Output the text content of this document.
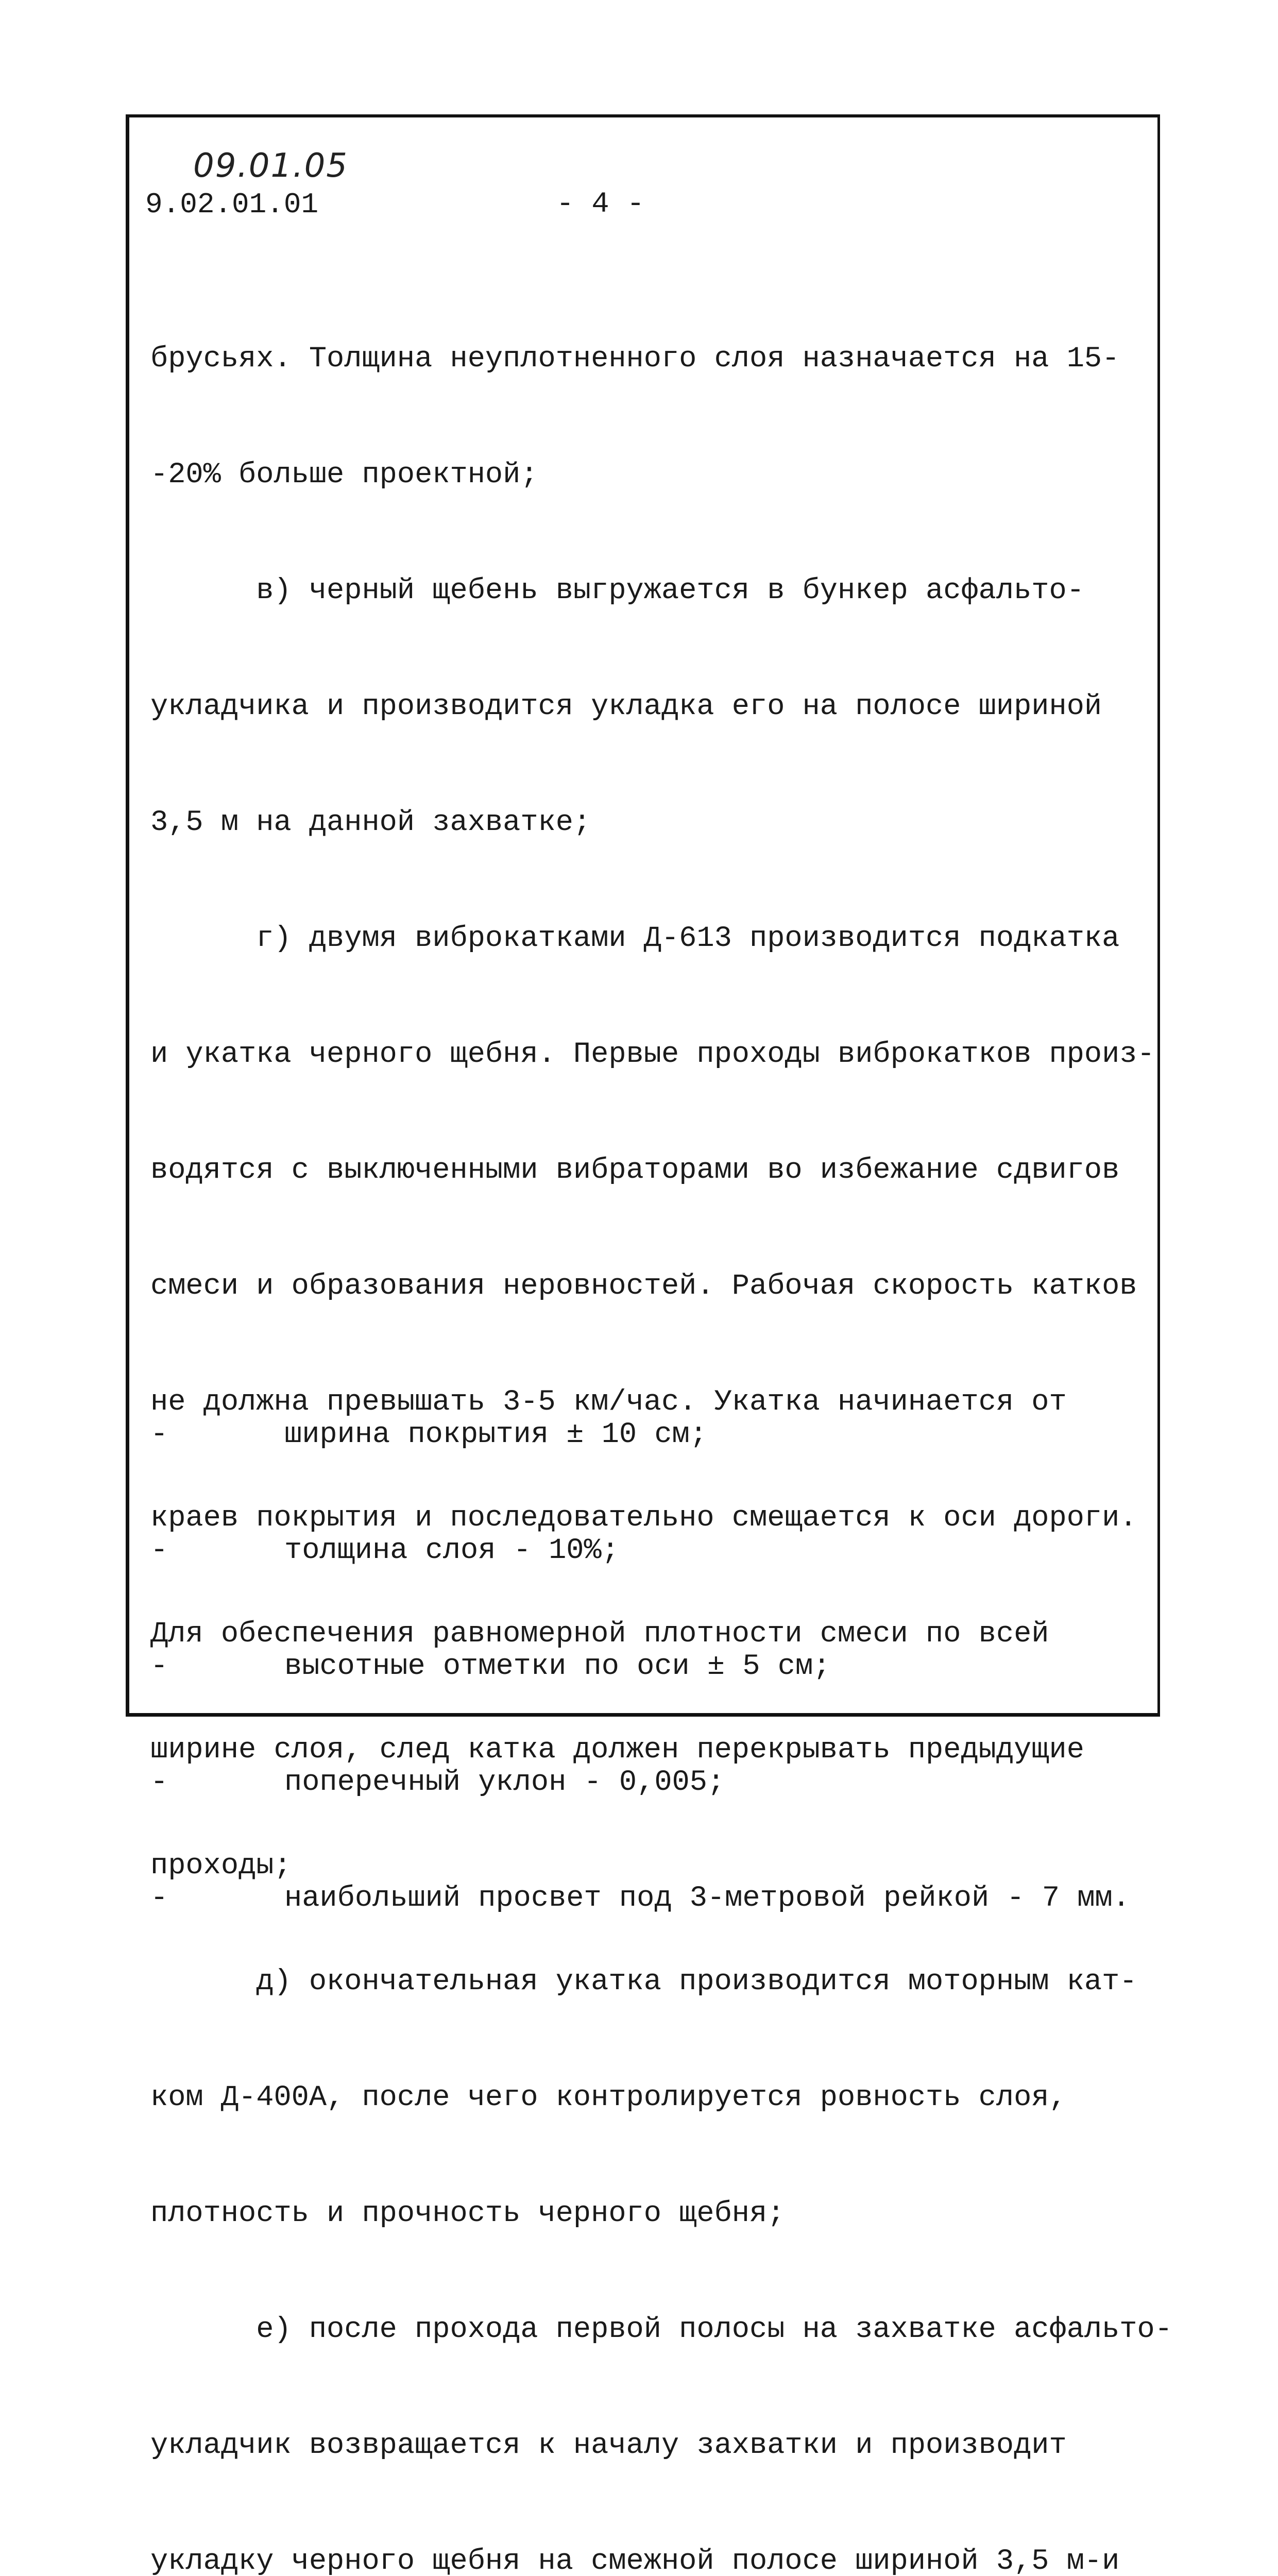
09.01.05
9.02.01.01	- 4 -

брусьях. Толщина неуплотненного слоя назначается на 15-

-20% больше проектной;

в) черный щебень выгружается в бункер асфальто-

укладчика и производится укладка его на полосе шириной

3,5 м на данной захватке;

г) двумя виброкатками Д-613 производится подкатка

и укатка черного щебня. Первые проходы виброкатков произ-

водятся с выключенными вибраторами во избежание сдвигов

смеси и образования неровностей. Рабочая скорость катков

не должна превышать 3-5 км/час. Укатка начинается от

краев покрытия и последовательно смещается к оси дороги.

Для обеспечения равномерной плотности смеси по всей

ширине слоя, след катка должен перекрывать предыдущие

проходы;

д) окончательная укатка производится моторным кат-

ком Д-400А, после чего контролируется ровность слоя,

плотность и прочность черного щебня;

е) после прохода первой полосы на захватке асфальто-

укладчик возвращается к началу захватки и производит

укладку черного щебня на смежной полосе шириной 3,5 м-и

-	ширина покрытия ± 10 см;

-	толщина слоя - 10%;

-	высотные отметки по оси ± 5 см;

-	поперечный уклон - 0,005;

-	наибольший просвет под 3-метровой рейкой - 7 мм.
